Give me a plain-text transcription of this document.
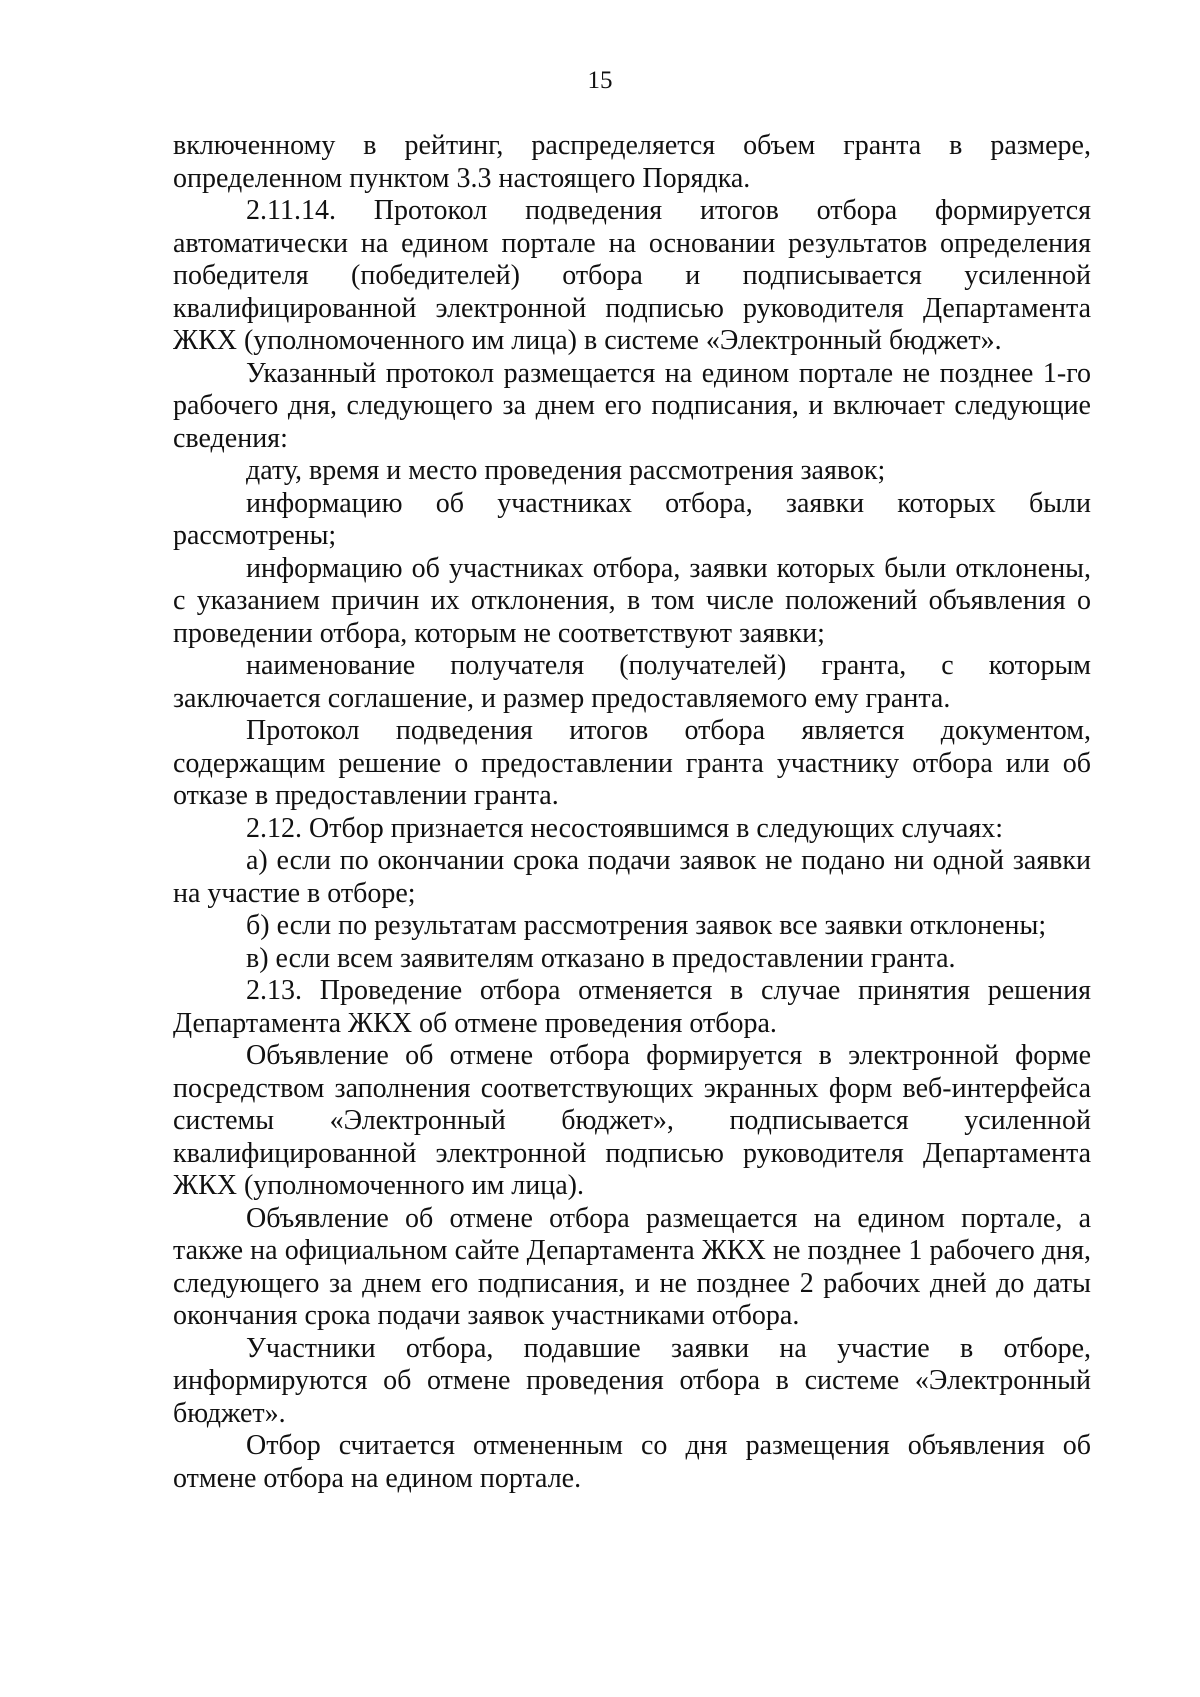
15

включенному в рейтинг, распределяется объем гранта в размере, определенном пунктом 3.3 настоящего Порядка.

2.11.14. Протокол подведения итогов отбора формируется автоматически на едином портале на основании результатов определения победителя (победителей) отбора и подписывается усиленной квалифицированной электронной подписью руководителя Департамента ЖКХ (уполномоченного им лица) в системе «Электронный бюджет».

Указанный протокол размещается на едином портале не позднее 1-го рабочего дня, следующего за днем его подписания, и включает следующие сведения:

дату, время и место проведения рассмотрения заявок;

информацию об участниках отбора, заявки которых были рассмотрены;

информацию об участниках отбора, заявки которых были отклонены, с указанием причин их отклонения, в том числе положений объявления о проведении отбора, которым не соответствуют заявки;

наименование получателя (получателей) гранта, с которым заключается соглашение, и размер предоставляемого ему гранта.

Протокол подведения итогов отбора является документом, содержащим решение о предоставлении гранта участнику отбора или об отказе в предоставлении гранта.

2.12. Отбор признается несостоявшимся в следующих случаях:

а) если по окончании срока подачи заявок не подано ни одной заявки на участие в отборе;

б) если по результатам рассмотрения заявок все заявки отклонены;

в) если всем заявителям отказано в предоставлении гранта.

2.13. Проведение отбора отменяется в случае принятия решения Департамента ЖКХ об отмене проведения отбора.

Объявление об отмене отбора формируется в электронной форме посредством заполнения соответствующих экранных форм веб-интерфейса системы «Электронный бюджет», подписывается усиленной квалифицированной электронной подписью руководителя Департамента ЖКХ (уполномоченного им лица).

Объявление об отмене отбора размещается на едином портале, а также на официальном сайте Департамента ЖКХ не позднее 1 рабочего дня, следующего за днем его подписания, и не позднее 2 рабочих дней до даты окончания срока подачи заявок участниками отбора.

Участники отбора, подавшие заявки на участие в отборе, информируются об отмене проведения отбора в системе «Электронный бюджет».

Отбор считается отмененным со дня размещения объявления об отмене отбора на едином портале.
